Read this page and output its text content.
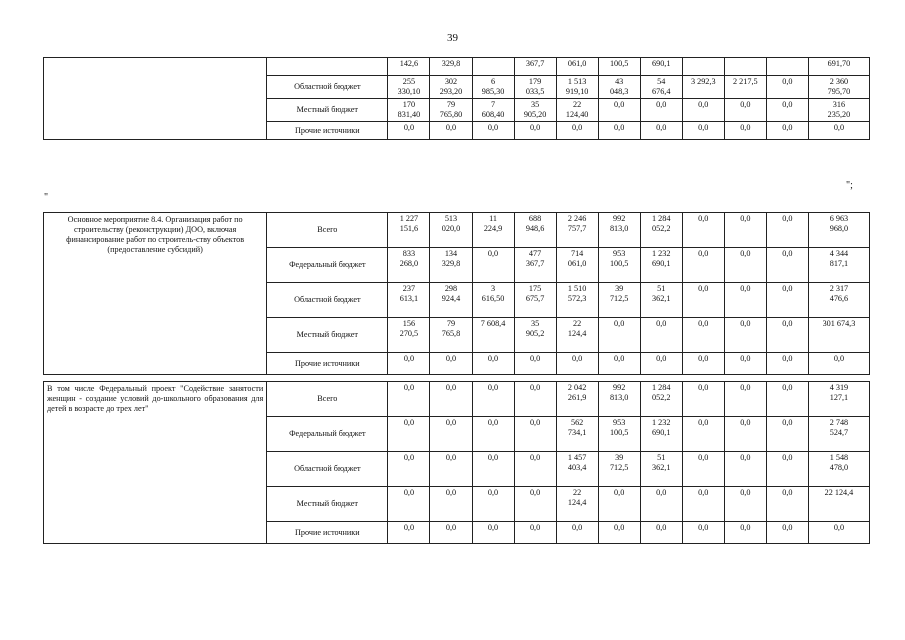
39
		142,6	329,8		367,7	061,0	100,5	690,1				691,70
	Областной бюджет	255
330,10	302
293,20	6
985,30	179
033,5	1 513
919,10	43
048,3	54
676,4	3 292,3	2 217,5	0,0	2 360
795,70
	Местный бюджет	170
831,40	79
765,80	7
608,40	35
905,20	22
124,40	0,0	0,0	0,0	0,0	0,0	316
235,20
	Прочие источники	0,0	0,0	0,0	0,0	0,0	0,0	0,0	0,0	0,0	0,0	0,0
";
"
Основное мероприятие 8.4. Организация работ по строительству (реконструкции) ДОО, включая финансирование работ по строитель-ству объектов (предоставление субсидий)	Всего	1 227
151,6	513
020,0	11
224,9	688
948,6	2 246
757,7	992
813,0	1 284
052,2	0,0	0,0	0,0	6 963
968,0
	Федеральный бюджет	833
268,0	134
329,8	0,0	477
367,7	714
061,0	953
100,5	1 232
690,1	0,0	0,0	0,0	4 344
817,1
	Областной бюджет	237
613,1	298
924,4	3
616,50	175
675,7	1 510
572,3	39
712,5	51
362,1	0,0	0,0	0,0	2 317
476,6
	Местный бюджет	156
270,5	79
765,8	7 608,4	35
905,2	22
124,4	0,0	0,0	0,0	0,0	0,0	301 674,3
	Прочие источники	0,0	0,0	0,0	0,0	0,0	0,0	0,0	0,0	0,0	0,0	0,0
В том числе Федеральный проект "Содействие занятости женщин - создание условий до-школьного образования для детей в возрасте до трех лет"	Всего	0,0	0,0	0,0	0,0	2 042
261,9	992
813,0	1 284
052,2	0,0	0,0	0,0	4 319
127,1
	Федеральный бюджет	0,0	0,0	0,0	0,0	562
734,1	953
100,5	1 232
690,1	0,0	0,0	0,0	2 748
524,7
	Областной бюджет	0,0	0,0	0,0	0,0	1 457
403,4	39
712,5	51
362,1	0,0	0,0	0,0	1 548
478,0
	Местный бюджет	0,0	0,0	0,0	0,0	22
124,4	0,0	0,0	0,0	0,0	0,0	22 124,4
	Прочие источники	0,0	0,0	0,0	0,0	0,0	0,0	0,0	0,0	0,0	0,0	0,0
